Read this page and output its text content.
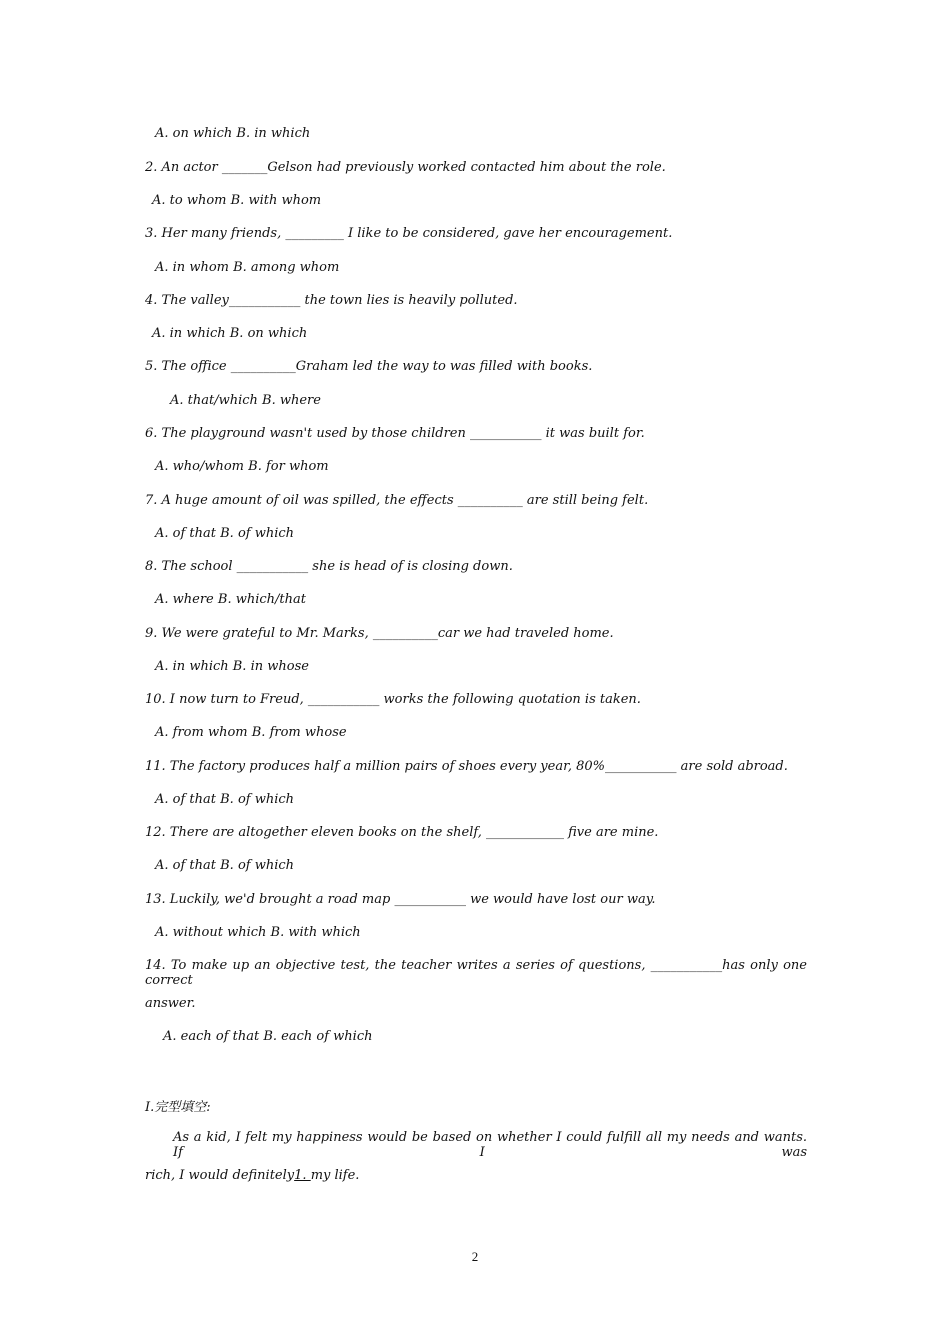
A. on which B. in which
2. An actor _______Gelson had previously worked contacted him about the role.
A. to whom B. with whom
3. Her many friends, _________ I like to be considered, gave her encouragement.
A. in whom B. among whom
4. The valley___________ the town lies is heavily polluted.
A. in which B. on which
5. The office __________Graham led the way to was filled with books.
A. that/which B. where
6. The playground wasn't used by those children ___________ it was built for.
A. who/whom B. for whom
7. A huge amount of oil was spilled, the effects __________ are still being felt.
A. of that B. of which
8. The school ___________ she is head of is closing down.
A. where B. which/that
9. We were grateful to Mr. Marks, __________car we had traveled home.
A. in which B. in whose
10. I now turn to Freud, ___________ works the following quotation is taken.
A. from whom B. from whose
11. The factory produces half a million pairs of shoes every year, 80%___________ are sold abroad.
A. of that B. of which
12. There are altogether eleven books on the shelf, ____________ five are mine.
A. of that B. of which
13. Luckily, we'd brought a road map ___________ we would have lost our way.
A. without which B. with which
14. To make up an objective test, the teacher writes a series of questions, ___________has only one correct
answer.
A. each of that B. each of which
I.完型填空:
As a kid, I felt my happiness would be based on whether I could fulfill all my needs and wants. If I was
rich, I would definitely1. my life.
2
